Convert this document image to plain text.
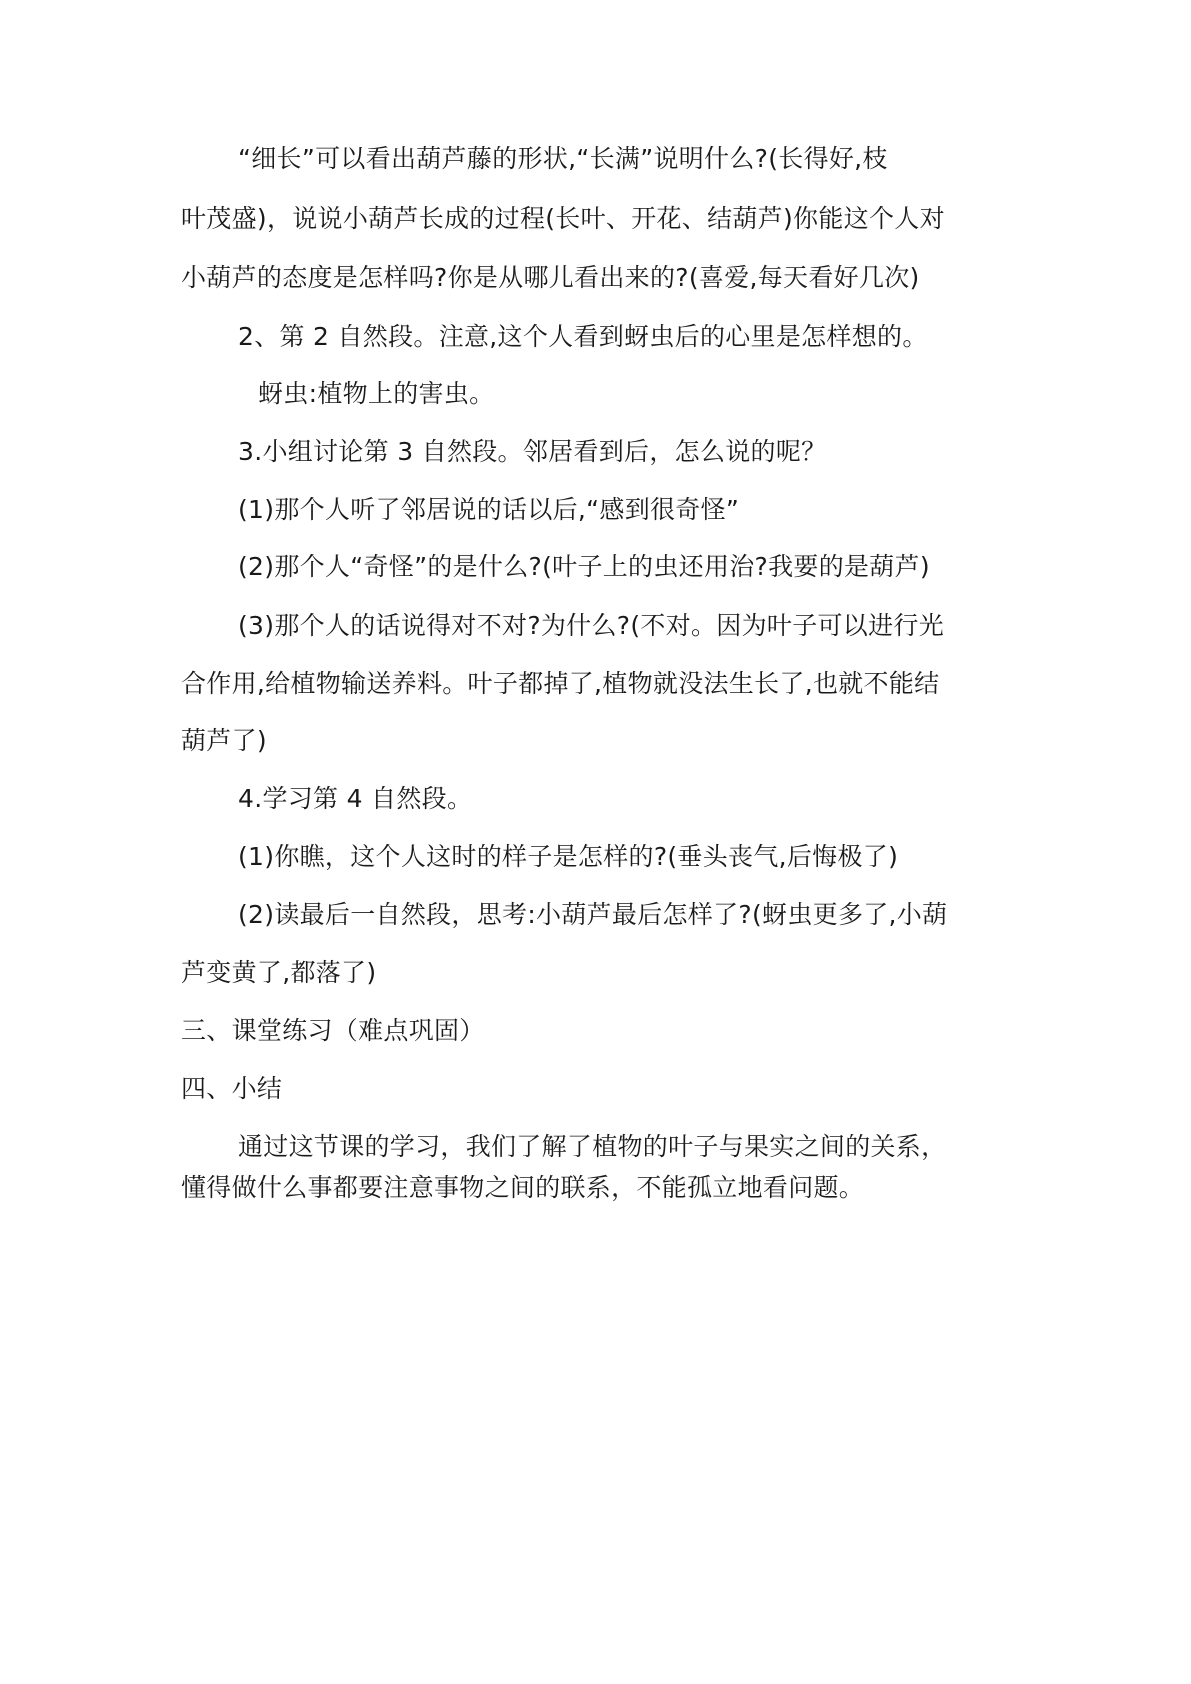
“细长”可以看出葫芦藤的形状,“长满”说明什么?(长得好,枝
叶茂盛)，说说小葫芦长成的过程(长叶、开花、结葫芦)你能这个人对
小葫芦的态度是怎样吗?你是从哪儿看出来的?(喜爱,每天看好几次)
2、第 2 自然段。注意,这个人看到蚜虫后的心里是怎样想的。
蚜虫:植物上的害虫。
3.小组讨论第 3 自然段。邻居看到后，怎么说的呢？
(1)那个人听了邻居说的话以后,“感到很奇怪”
(2)那个人“奇怪”的是什么?(叶子上的虫还用治?我要的是葫芦)
(3)那个人的话说得对不对?为什么?(不对。因为叶子可以进行光
合作用,给植物输送养料。叶子都掉了,植物就没法生长了,也就不能结
葫芦了)
4.学习第 4 自然段。
(1)你瞧，这个人这时的样子是怎样的?(垂头丧气,后悔极了)
(2)读最后一自然段，思考:小葫芦最后怎样了?(蚜虫更多了,小葫
芦变黄了,都落了)
三、课堂练习（难点巩固）
四、小结
通过这节课的学习，我们了解了植物的叶子与果实之间的关系，
懂得做什么事都要注意事物之间的联系，不能孤立地看问题。
